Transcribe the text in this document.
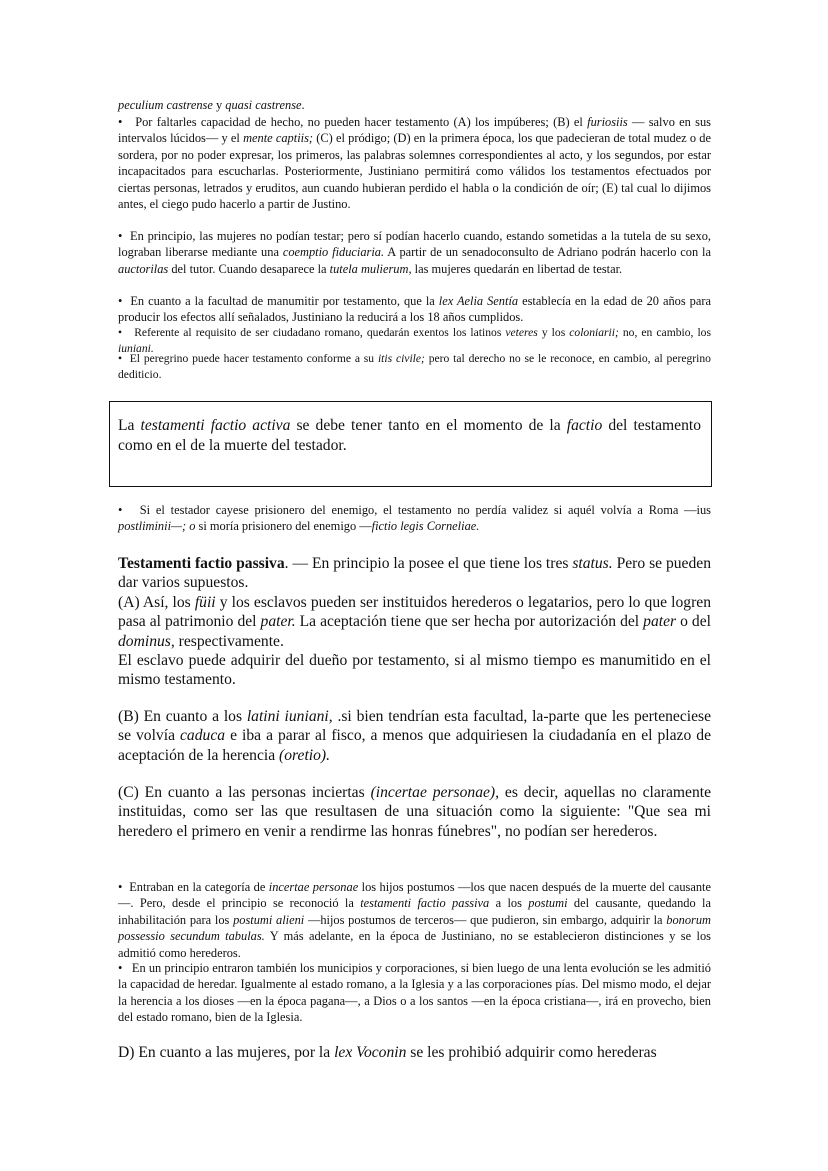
peculium castrense y quasi castrense.

• Por faltarles capacidad de hecho, no pueden hacer testamento (A) los impúberes; (B) el furiosiis — salvo en sus intervalos lúcidos— y el mente captiis; (C) el pródigo; (D) en la primera época, los que padecieran de total mudez o de sordera, por no poder expresar, los primeros, las palabras solemnes correspondientes al acto, y los segundos, por estar incapacitados para escucharlas. Posteriormente, Justiniano permitirá como válidos los testamentos efectuados por ciertas personas, letrados y eruditos, aun cuando hubieran perdido el habla o la condición de oír; (E) tal cual lo dijimos antes, el ciego pudo hacerlo a partir de Justino.

• En principio, las mujeres no podían testar; pero sí podían hacerlo cuando, estando sometidas a la tutela de su sexo, lograban liberarse mediante una coemptio fiduciaria. A partir de un senadoconsulto de Adriano podrán hacerlo con la auctorilas del tutor. Cuando desaparece la tutela mulierum, las mujeres quedarán en libertad de testar.

• En cuanto a la facultad de manumitir por testamento, que la lex Aelia Sentía establecía en la edad de 20 años para producir los efectos allí señalados, Justiniano la reducirá a los 18 años cumplidos.

• Referente al requisito de ser ciudadano romano, quedarán exentos los latinos veteres y los coloniarii; no, en cambio, los iuniani.

• El peregrino puede hacer testamento conforme a su itis civile; pero tal derecho no se le reconoce, en cambio, al peregrino dediticio.

La testamenti factio activa se debe tener tanto en el momento de la factio del testamento como en el de la muerte del testador.

• Si el testador cayese prisionero del enemigo, el testamento no perdía validez si aquél volvía a Roma —ius postliminii—; o si moría prisionero del enemigo —fictio legis Corneliae.

Testamenti factio passiva. — En principio la posee el que tiene los tres status. Pero se pueden dar varios supuestos.

(A) Así, los füii y los esclavos pueden ser instituidos herederos o legatarios, pero lo que logren pasa al patrimonio del pater. La aceptación tiene que ser hecha por autorización del pater o del dominus, respectivamente.

El esclavo puede adquirir del dueño por testamento, si al mismo tiempo es manumitido en el mismo testamento.

(B) En cuanto a los latini iuniani, .si bien tendrían esta facultad, la-parte que les perteneciese se volvía caduca e iba a parar al fisco, a menos que adquiriesen la ciudadanía en el plazo de aceptación de la herencia (oretio).

(C) En cuanto a las personas inciertas (incertae personae), es decir, aquellas no claramente instituidas, como ser las que resultasen de una situación como la siguiente: "Que sea mi heredero el primero en venir a rendirme las honras fúnebres", no podían ser herederos.

• Entraban en la categoría de incertae personae los hijos postumos —los que nacen después de la muerte del causante—. Pero, desde el principio se reconoció la testamenti factio passiva a los postumi del causante, quedando la inhabilitación para los postumi alieni —hijos postumos de terceros— que pudieron, sin embargo, adquirir la bonorum possessio secundum tabulas. Y más adelante, en la época de Justiniano, no se establecieron distinciones y se los admitió como herederos.

• En un principio entraron también los municipios y corporaciones, si bien luego de una lenta evolución se les admitió la capacidad de heredar. Igualmente al estado romano, a la Iglesia y a las corporaciones pías. Del mismo modo, el dejar la herencia a los dioses —en la época pagana—, a Dios o a los santos —en la época cristiana—, irá en provecho, bien del estado romano, bien de la Iglesia.

D) En cuanto a las mujeres, por la lex Voconin se les prohibió adquirir como herederas
